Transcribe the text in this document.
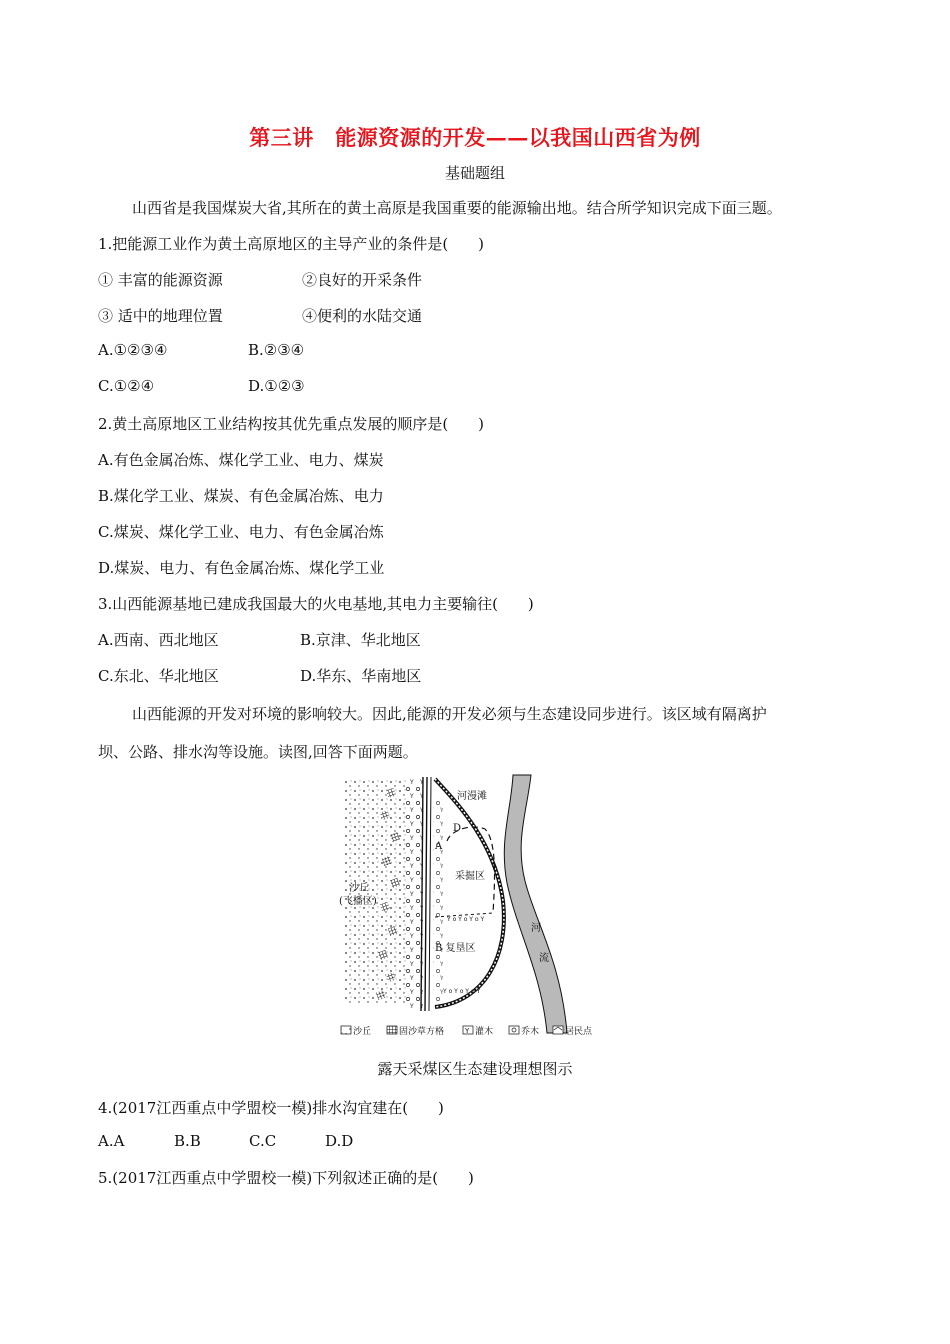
第三讲　能源资源的开发——以我国山西省为例
基础题组
山西省是我国煤炭大省,其所在的黄土高原是我国重要的能源输出地。结合所学知识完成下面三题。
1.把能源工业作为黄土高原地区的主导产业的条件是(　　)
① 丰富的能源资源	②良好的开采条件
③ 适中的地理位置	④便利的水陆交通
A.①②③④	B.②③④
C.①②④	D.①②③
2.黄土高原地区工业结构按其优先重点发展的顺序是(　　)
A.有色金属冶炼、煤化学工业、电力、煤炭
B.煤化学工业、煤炭、有色金属冶炼、电力
C.煤炭、煤化学工业、电力、有色金属冶炼
D.煤炭、电力、有色金属冶炼、煤化学工业
3.山西能源基地已建成我国最大的火电基地,其电力主要输往(　　)
A.西南、西北地区	B.京津、华北地区
C.东北、华北地区	D.华东、华南地区
山西能源的开发对环境的影响较大。因此,能源的开发必须与生态建设同步进行。该区域有隔离护
坝、公路、排水沟等设施。读图,回答下面两题。
Y o Y o Y o Y
Y o Y o Y o Y
河漫滩
D
A
采掘区
沙丘
(飞播区)
B 复垦区
河
流
沙丘	固沙草方格	Y 灌木	乔木	居民点
露天采煤区生态建设理想图示
4.(2017江西重点中学盟校一模)排水沟宜建在(　　)
A.A	B.B	C.C	D.D
5.(2017江西重点中学盟校一模)下列叙述正确的是(　　)
